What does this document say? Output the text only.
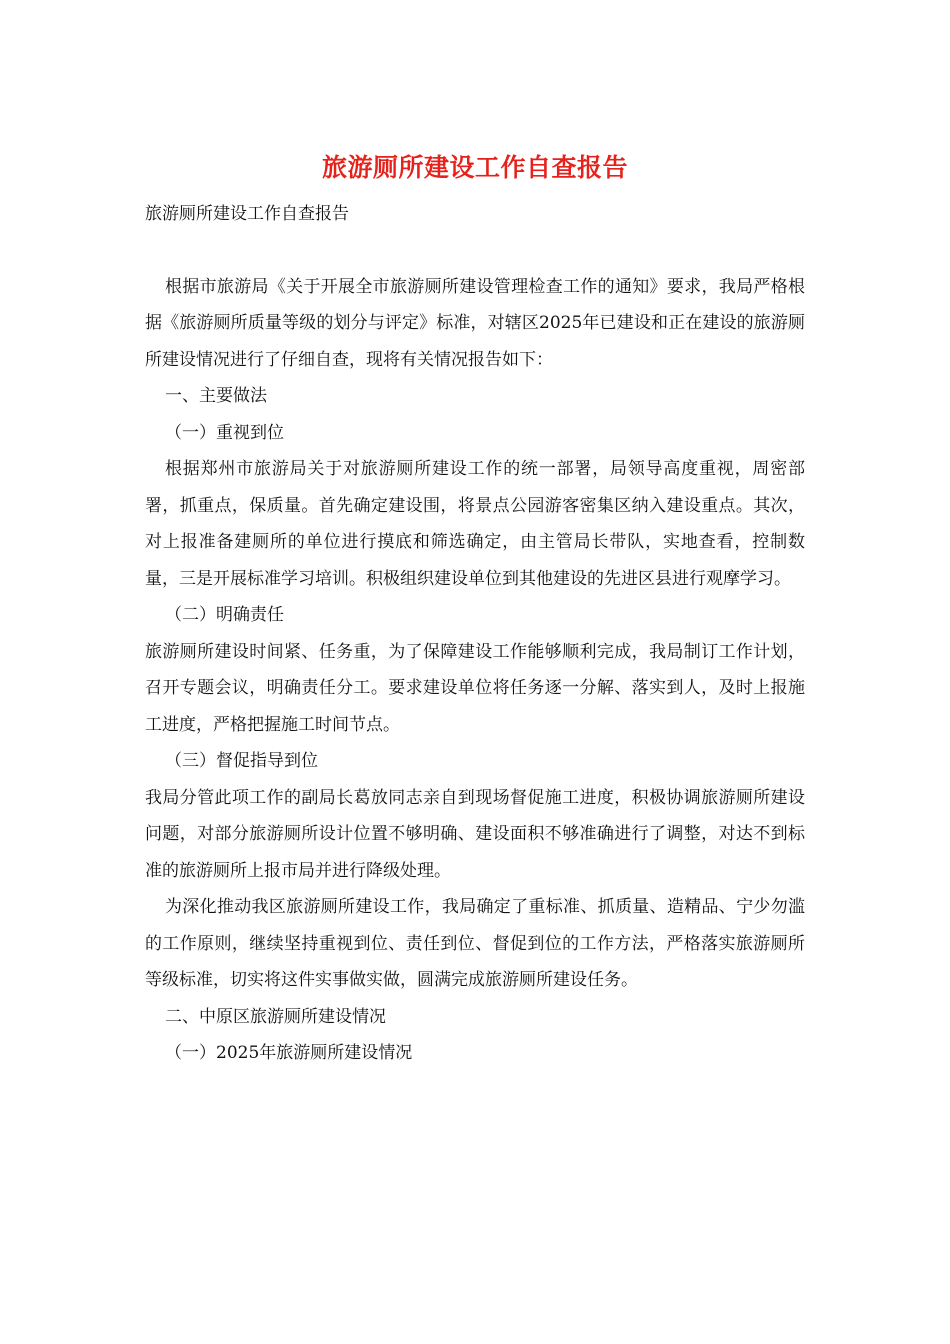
旅游厕所建设工作自查报告

旅游厕所建设工作自查报告

根据市旅游局《关于开展全市旅游厕所建设管理检查工作的通知》要求，我局严格根据《旅游厕所质量等级的划分与评定》标准，对辖区2025年已建设和正在建设的旅游厕所建设情况进行了仔细自查，现将有关情况报告如下：

一、主要做法

（一）重视到位

根据郑州市旅游局关于对旅游厕所建设工作的统一部署，局领导高度重视，周密部署，抓重点，保质量。首先确定建设围，将景点公园游客密集区纳入建设重点。其次，对上报准备建厕所的单位进行摸底和筛选确定，由主管局长带队，实地查看，控制数量，三是开展标准学习培训。积极组织建设单位到其他建设的先进区县进行观摩学习。

（二）明确责任

旅游厕所建设时间紧、任务重，为了保障建设工作能够顺利完成，我局制订工作计划，召开专题会议，明确责任分工。要求建设单位将任务逐一分解、落实到人，及时上报施工进度，严格把握施工时间节点。

（三）督促指导到位

我局分管此项工作的副局长葛放同志亲自到现场督促施工进度，积极协调旅游厕所建设问题，对部分旅游厕所设计位置不够明确、建设面积不够准确进行了调整，对达不到标准的旅游厕所上报市局并进行降级处理。

为深化推动我区旅游厕所建设工作，我局确定了重标准、抓质量、造精品、宁少勿滥的工作原则，继续坚持重视到位、责任到位、督促到位的工作方法，严格落实旅游厕所等级标准，切实将这件实事做实做，圆满完成旅游厕所建设任务。

二、中原区旅游厕所建设情况

（一）2025年旅游厕所建设情况
